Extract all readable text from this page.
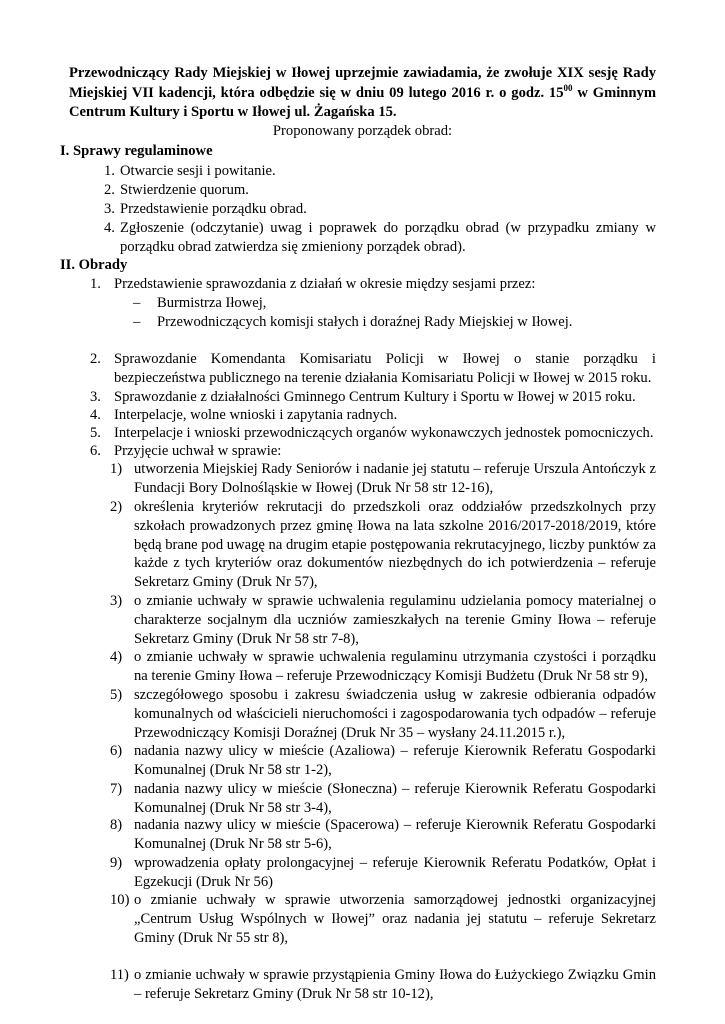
Przewodniczący Rady Miejskiej w Iłowej uprzejmie zawiadamia, że zwołuje XIX sesję Rady Miejskiej VII kadencji, która odbędzie się w dniu 09 lutego 2016 r. o godz. $15^{00}$ w Gminnym Centrum Kultury i Sportu w Iłowej ul. Żagańska 15.
Proponowany porządek obrad:
I. Sprawy regulaminowe
1. Otwarcie sesji i powitanie.
2. Stwierdzenie quorum.
3. Przedstawienie porządku obrad.
4. Zgłoszenie (odczytanie) uwag i poprawek do porządku obrad (w przypadku zmiany w porządku obrad zatwierdza się zmieniony porządek obrad).
II. Obrady
1. Przedstawienie sprawozdania z działań w okresie między sesjami przez:
– Burmistrza Iłowej,
– Przewodniczących komisji stałych i doraźnej Rady Miejskiej w Iłowej.
2. Sprawozdanie Komendanta Komisariatu Policji w Iłowej o stanie porządku i bezpieczeństwa publicznego na terenie działania Komisariatu Policji w Iłowej w 2015 roku.
3. Sprawozdanie z działalności Gminnego Centrum Kultury i Sportu w Iłowej w 2015 roku.
4. Interpelacje, wolne wnioski i zapytania radnych.
5. Interpelacje i wnioski przewodniczących organów wykonawczych jednostek pomocniczych.
6. Przyjęcie uchwał w sprawie:
1) utworzenia Miejskiej Rady Seniorów i nadanie jej statutu – referuje Urszula Antończyk z Fundacji Bory Dolnośląskie w Iłowej (Druk Nr 58 str 12-16),
2) określenia kryteriów rekrutacji do przedszkoli oraz oddziałów przedszkolnych przy szkołach prowadzonych przez gminę Iłowa na lata szkolne 2016/2017-2018/2019, które będą brane pod uwagę na drugim etapie postępowania rekrutacyjnego, liczby punktów za każde z tych kryteriów oraz dokumentów niezbędnych do ich potwierdzenia – referuje Sekretarz Gminy (Druk Nr 57),
3) o zmianie uchwały w sprawie uchwalenia regulaminu udzielania pomocy materialnej o charakterze socjalnym dla uczniów zamieszkałych na terenie Gminy Iłowa – referuje Sekretarz Gminy (Druk Nr 58 str 7-8),
4) o zmianie uchwały w sprawie uchwalenia regulaminu utrzymania czystości i porządku na terenie Gminy Iłowa – referuje Przewodniczący Komisji Budżetu (Druk Nr 58 str 9),
5) szczegółowego sposobu i zakresu świadczenia usług w zakresie odbierania odpadów komunalnych od właścicieli nieruchomości i zagospodarowania tych odpadów – referuje Przewodniczący Komisji Doraźnej (Druk Nr 35 – wysłany 24.11.2015 r.),
6) nadania nazwy ulicy w mieście (Azaliowa) – referuje Kierownik Referatu Gospodarki Komunalnej (Druk Nr 58 str 1-2),
7) nadania nazwy ulicy w mieście (Słoneczna) – referuje Kierownik Referatu Gospodarki Komunalnej (Druk Nr 58 str 3-4),
8) nadania nazwy ulicy w mieście (Spacerowa) – referuje Kierownik Referatu Gospodarki Komunalnej (Druk Nr 58 str 5-6),
9) wprowadzenia opłaty prolongacyjnej – referuje Kierownik Referatu Podatków, Opłat i Egzekucji (Druk Nr 56)
10) o zmianie uchwały w sprawie utworzenia samorządowej jednostki organizacyjnej „Centrum Usług Wspólnych w Iłowej” oraz nadania jej statutu – referuje Sekretarz Gminy (Druk Nr 55 str 8),
11) o zmianie uchwały w sprawie przystąpienia Gminy Iłowa do Łużyckiego Związku Gmin – referuje Sekretarz Gminy (Druk Nr 58 str 10-12),
